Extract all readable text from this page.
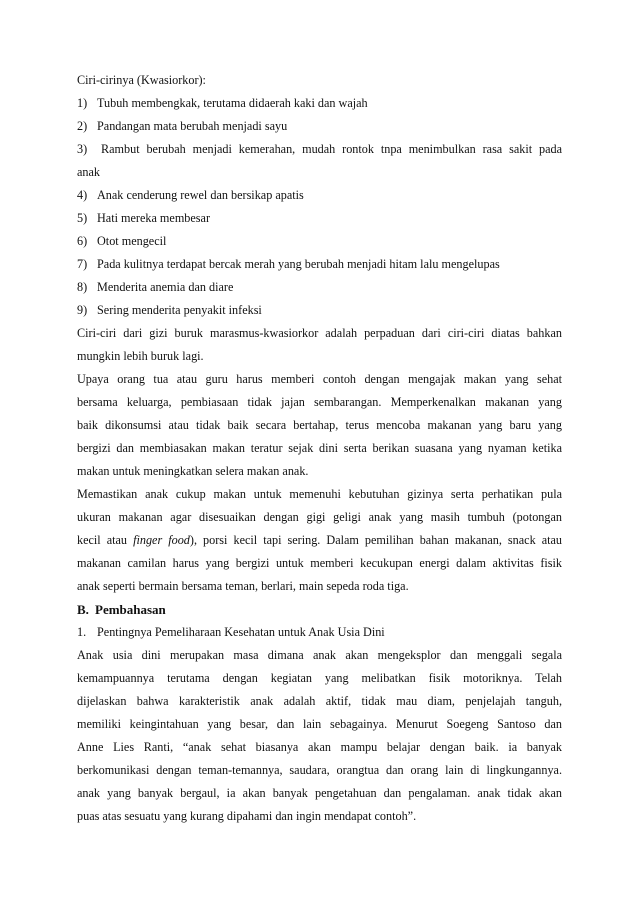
Ciri-cirinya (Kwasiorkor):
1) Tubuh membengkak, terutama didaerah kaki dan wajah
2) Pandangan mata berubah menjadi sayu
3) Rambut berubah menjadi kemerahan, mudah rontok tnpa menimbulkan rasa sakit pada
anak
4) Anak cenderung rewel dan bersikap apatis
5) Hati mereka membesar
6) Otot mengecil
7) Pada kulitnya terdapat bercak merah yang berubah menjadi hitam lalu mengelupas
8) Menderita anemia dan diare
9) Sering menderita penyakit infeksi
Ciri-ciri dari gizi buruk marasmus-kwasiorkor adalah perpaduan dari ciri-ciri diatas bahkan
mungkin lebih buruk lagi.
Upaya orang tua atau guru harus memberi contoh dengan mengajak makan yang sehat
bersama keluarga, pembiasaan tidak jajan sembarangan. Memperkenalkan makanan yang
baik dikonsumsi atau tidak baik secara bertahap, terus mencoba makanan yang baru yang
bergizi dan membiasakan makan teratur sejak dini serta berikan suasana yang nyaman ketika
makan untuk meningkatkan selera makan anak.
Memastikan anak cukup makan untuk memenuhi kebutuhan gizinya serta perhatikan pula
ukuran makanan agar disesuaikan dengan gigi geligi anak yang masih tumbuh (potongan
kecil atau finger food), porsi kecil tapi sering. Dalam pemilihan bahan makanan, snack atau
makanan camilan harus yang bergizi untuk memberi kecukupan energi dalam aktivitas fisik
anak seperti bermain bersama teman, berlari, main sepeda roda tiga.
B. Pembahasan
1. Pentingnya Pemeliharaan Kesehatan untuk Anak Usia Dini
Anak usia dini merupakan masa dimana anak akan mengeksplor dan menggali segala
kemampuannya terutama dengan kegiatan yang melibatkan fisik motoriknya. Telah
dijelaskan bahwa karakteristik anak adalah aktif, tidak mau diam, penjelajah tanguh,
memiliki keingintahuan yang besar, dan lain sebagainya. Menurut Soegeng Santoso dan
Anne Lies Ranti, “anak sehat biasanya akan mampu belajar dengan baik. ia banyak
berkomunikasi dengan teman-temannya, saudara, orangtua dan orang lain di lingkungannya.
anak yang banyak bergaul, ia akan banyak pengetahuan dan pengalaman. anak tidak akan
puas atas sesuatu yang kurang dipahami dan ingin mendapat contoh”.
